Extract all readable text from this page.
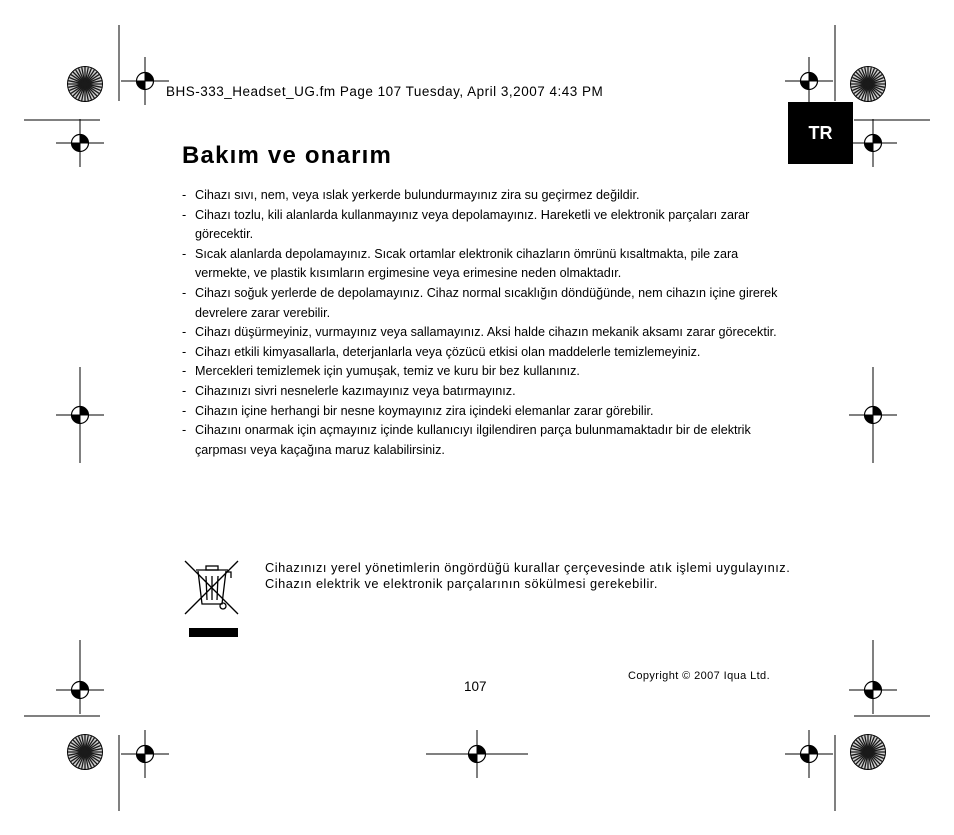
BHS-333_Headset_UG.fm Page 107 Tuesday, April 3,2007 4:43 PM
TR
Bakım ve onarım
- Cihazı sıvı, nem, veya ıslak yerkerde bulundurmayınız zira su geçirmez değildir.
- Cihazı tozlu, kili alanlarda kullanmayınız veya depolamayınız. Hareketli ve elektronik parçaları zarar görecektir.
- Sıcak alanlarda depolamayınız. Sıcak ortamlar elektronik cihazların ömrünü kısaltmakta, pile zara vermekte, ve plastik kısımların ergimesine veya erimesine neden olmaktadır.
- Cihazı soğuk yerlerde de depolamayınız. Cihaz normal sıcaklığın döndüğünde, nem cihazın içine girerek devrelere zarar verebilir.
- Cihazı düşürmeyiniz, vurmayınız veya sallamayınız. Aksi halde cihazın mekanik aksamı zarar görecektir.
- Cihazı etkili kimyasallarla, deterjanlarla veya çözücü etkisi olan maddelerle temizlemeyiniz.
- Mercekleri temizlemek için yumuşak, temiz ve kuru bir bez kullanınız.
- Cihazınızı sivri nesnelerle kazımayınız veya batırmayınız.
- Cihazın içine herhangi bir nesne koymayınız zira içindeki elemanlar zarar görebilir.
- Cihazını onarmak için açmayınız içinde kullanıcıyı ilgilendiren parça bulunmamaktadır bir de elektrik çarpması veya kaçağına maruz kalabilirsiniz.

Cihazınızı yerel yönetimlerin öngördüğü kurallar çerçevesinde atık işlemi uygulayınız. Cihazın elektrik ve elektronik parçalarının sökülmesi gerekebilir.

Copyright © 2007 Iqua Ltd.
107
